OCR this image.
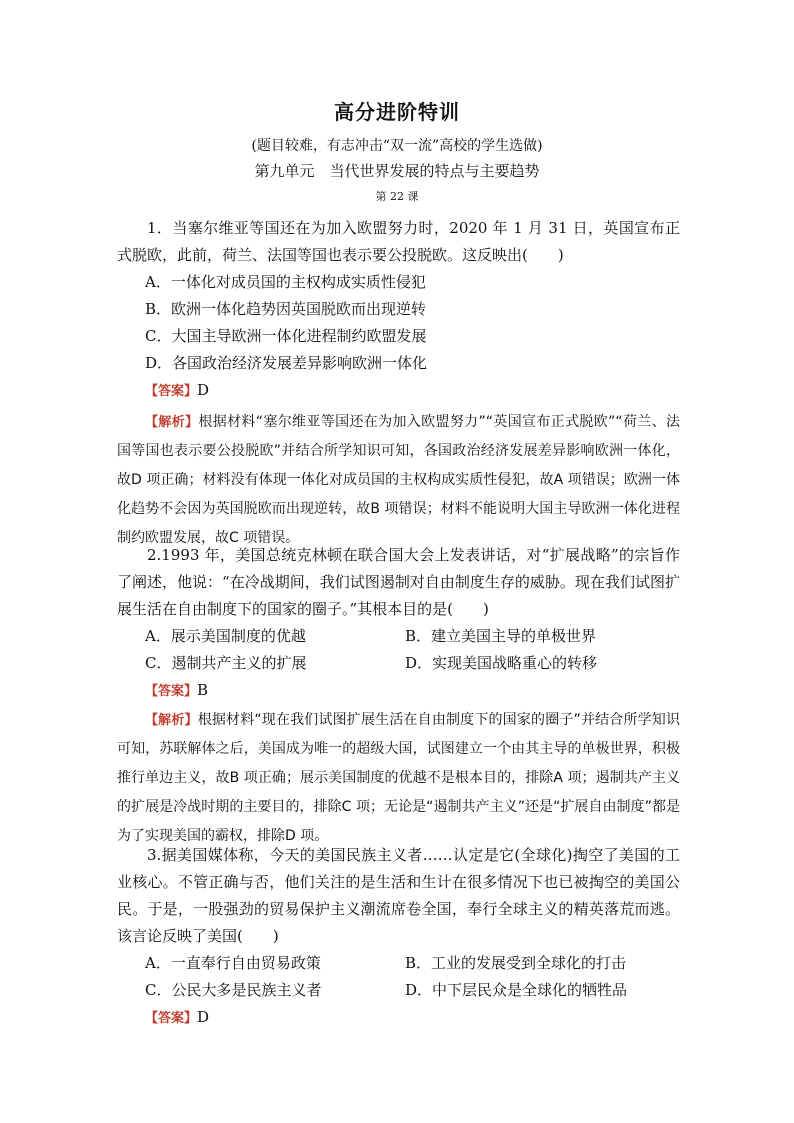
高分进阶特训
(题目较难，有志冲击“双一流”高校的学生选做)
第九单元　当代世界发展的特点与主要趋势
第 22 课

1．当塞尔维亚等国还在为加入欧盟努力时，2020 年 1 月 31 日，英国宣布正式脱欧，此前，荷兰、法国等国也表示要公投脱欧。这反映出(　　)

A．一体化对成员国的主权构成实质性侵犯

B．欧洲一体化趋势因英国脱欧而出现逆转

C．大国主导欧洲一体化进程制约欧盟发展

D．各国政治经济发展差异影响欧洲一体化

【答案】D

【解析】根据材料“塞尔维亚等国还在为加入欧盟努力”“英国宣布正式脱欧”“荷兰、法国等国也表示要公投脱欧”并结合所学知识可知，各国政治经济发展差异影响欧洲一体化，故D 项正确；材料没有体现一体化对成员国的主权构成实质性侵犯，故A 项错误；欧洲一体化趋势不会因为英国脱欧而出现逆转，故B 项错误；材料不能说明大国主导欧洲一体化进程制约欧盟发展，故C 项错误。

2.1993 年，美国总统克林顿在联合国大会上发表讲话，对“扩展战略”的宗旨作了阐述，他说：“在冷战期间，我们试图遏制对自由制度生存的威胁。现在我们试图扩展生活在自由制度下的国家的圈子。”其根本目的是(　　)

A．展示美国制度的优越	B．建立美国主导的单极世界
C．遏制共产主义的扩展	D．实现美国战略重心的转移

【答案】B

【解析】根据材料“现在我们试图扩展生活在自由制度下的国家的圈子”并结合所学知识可知，苏联解体之后，美国成为唯一的超级大国，试图建立一个由其主导的单极世界，积极推行单边主义，故B 项正确；展示美国制度的优越不是根本目的，排除A 项；遏制共产主义的扩展是冷战时期的主要目的，排除C 项；无论是“遏制共产主义”还是“扩展自由制度”都是为了实现美国的霸权，排除D 项。

3.据美国媒体称，今天的美国民族主义者……认定是它(全球化)掏空了美国的工业核心。不管正确与否，他们关注的是生活和生计在很多情况下也已被掏空的美国公民。于是，一股强劲的贸易保护主义潮流席卷全国，奉行全球主义的精英落荒而逃。该言论反映了美国(　　)

A．一直奉行自由贸易政策	B．工业的发展受到全球化的打击
C．公民大多是民族主义者	D．中下层民众是全球化的牺牲品

【答案】D
